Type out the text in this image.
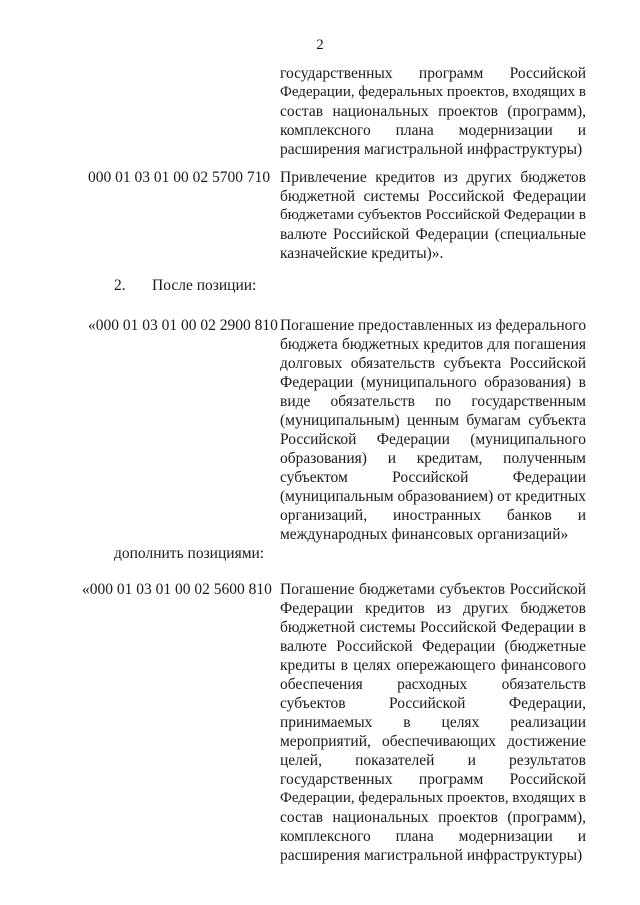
2
государственных программ Российской
Федерации, федеральных проектов, входящих в
состав национальных проектов (программ),
комплексного плана модернизации и
расширения магистральной инфраструктуры)
000 01 03 01 00 02 5700 710 Привлечение кредитов из других бюджетов
бюджетной системы Российской Федерации
бюджетами субъектов Российской Федерации в
валюте Российской Федерации (специальные
казначейские кредиты)».
2. После позиции:
«000 01 03 01 00 02 2900 810 Погашение предоставленных из федерального
бюджета бюджетных кредитов для погашения
долговых обязательств субъекта Российской
Федерации (муниципального образования) в
виде обязательств по государственным
(муниципальным) ценным бумагам субъекта
Российской Федерации (муниципального
образования) и кредитам, полученным
субъектом Российской Федерации
(муниципальным образованием) от кредитных
организаций, иностранных банков и
международных финансовых организаций»
дополнить позициями:
«000 01 03 01 00 02 5600 810 Погашение бюджетами субъектов Российской
Федерации кредитов из других бюджетов
бюджетной системы Российской Федерации в
валюте Российской Федерации (бюджетные
кредиты в целях опережающего финансового
обеспечения расходных обязательств
субъектов Российской Федерации,
принимаемых в целях реализации
мероприятий, обеспечивающих достижение
целей, показателей и результатов
государственных программ Российской
Федерации, федеральных проектов, входящих в
состав национальных проектов (программ),
комплексного плана модернизации и
расширения магистральной инфраструктуры)
